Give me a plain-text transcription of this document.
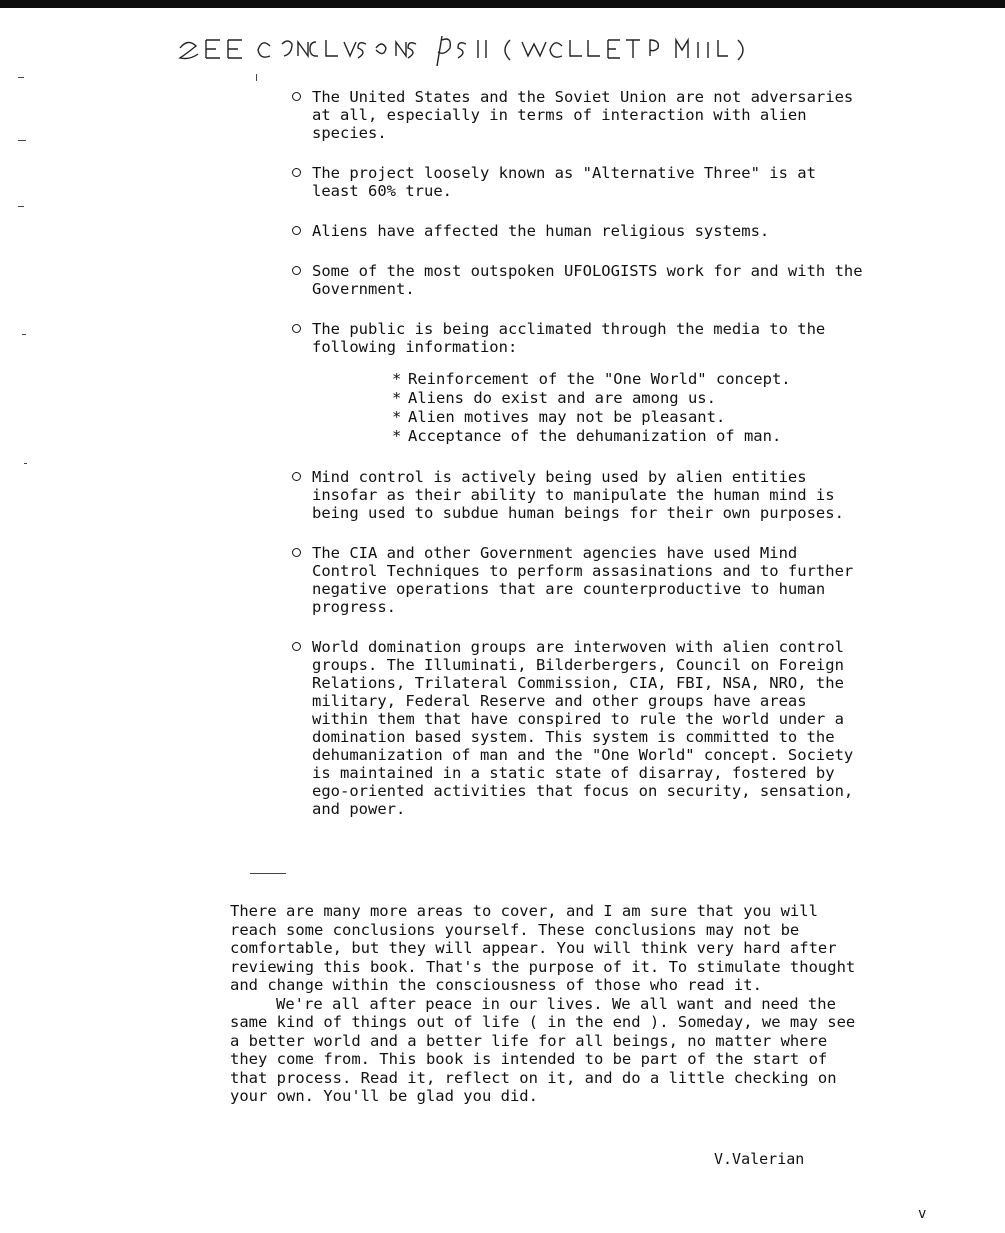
The United States and the Soviet Union are not adversaries at all, especially in terms of interaction with alien species.
The project loosely known as "Alternative Three" is at least 60% true.
Aliens have affected the human religious systems.
Some of the most outspoken UFOLOGISTS work for and with the Government.
The public is being acclimated through the media to the following information:
* Reinforcement of the "One World" concept.
* Aliens do exist and are among us.
* Alien motives may not be pleasant.
* Acceptance of the dehumanization of man.
Mind control is actively being used by alien entities insofar as their ability to manipulate the human mind is being used to subdue human beings for their own purposes.
The CIA and other Government agencies have used Mind Control Techniques to perform assasinations and to further negative operations that are counterproductive to human progress.
World domination groups are interwoven with alien control groups. The Illuminati, Bilderbergers, Council on Foreign Relations, Trilateral Commission, CIA, FBI, NSA, NRO, the military, Federal Reserve and other groups have areas within them that have conspired to rule the world under a domination based system. This system is committed to the dehumanization of man and the "One World" concept. Society is maintained in a static state of disarray, fostered by ego-oriented activities that focus on security, sensation, and power.

There are many more areas to cover, and I am sure that you will reach some conclusions yourself. These conclusions may not be comfortable, but they will appear. You will think very hard after reviewing this book. That's the purpose of it. To stimulate thought and change within the consciousness of those who read it.

We're all after peace in our lives. We all want and need the same kind of things out of life ( in the end ). Someday, we may see a better world and a better life for all beings, no matter where they come from. This book is intended to be part of the start of that process. Read it, reflect on it, and do a little checking on your own. You'll be glad you did.

V.Valerian
v
